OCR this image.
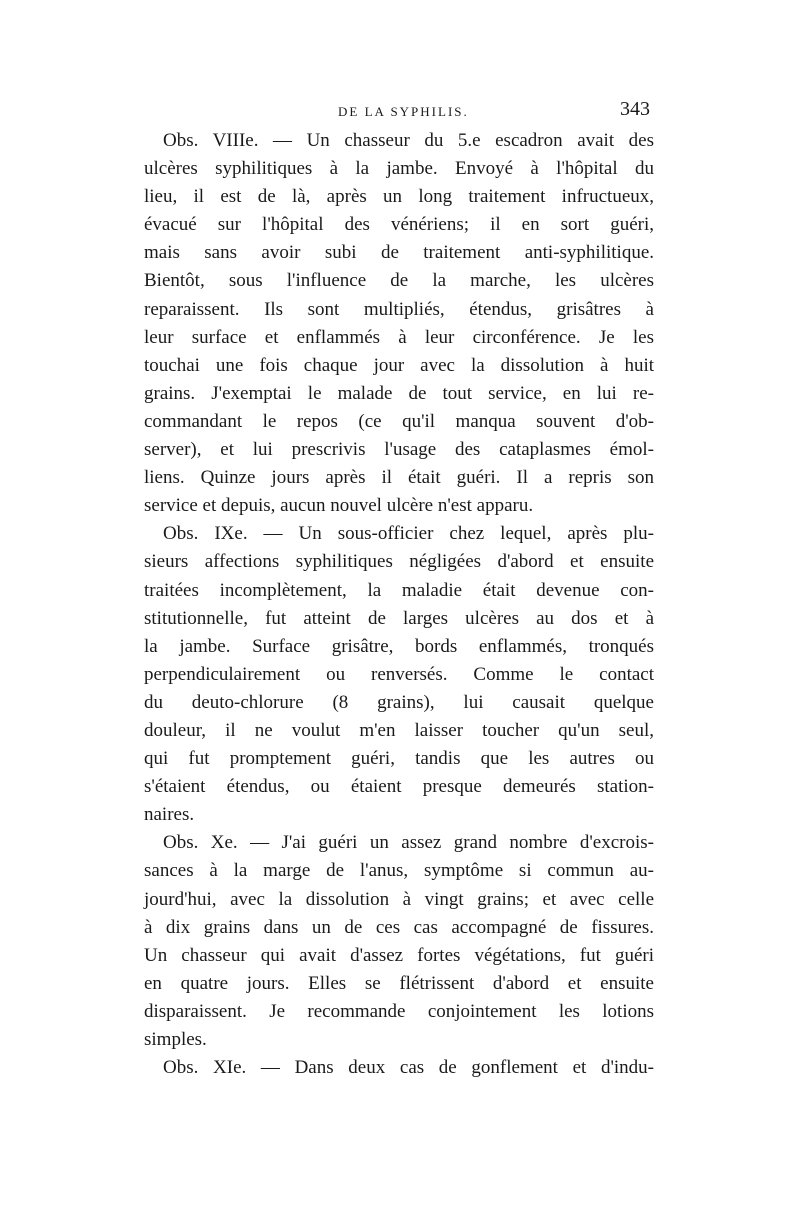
DE LA SYPHILIS.	343
Obs. VIIIe. — Un chasseur du 5.e escadron avait des
ulcères syphilitiques à la jambe. Envoyé à l'hôpital du
lieu, il est de là, après un long traitement infructueux,
évacué sur l'hôpital des vénériens; il en sort guéri,
mais sans avoir subi de traitement anti-syphilitique.
Bientôt, sous l'influence de la marche, les ulcères
reparaissent. Ils sont multipliés, étendus, grisâtres à
leur surface et enflammés à leur circonférence. Je les
touchai une fois chaque jour avec la dissolution à huit
grains. J'exemptai le malade de tout service, en lui re-
commandant le repos (ce qu'il manqua souvent d'ob-
server), et lui prescrivis l'usage des cataplasmes émol-
liens. Quinze jours après il était guéri. Il a repris son
service et depuis, aucun nouvel ulcère n'est apparu.
Obs. IXe. — Un sous-officier chez lequel, après plu-
sieurs affections syphilitiques négligées d'abord et ensuite
traitées incomplètement, la maladie était devenue con-
stitutionnelle, fut atteint de larges ulcères au dos et à
la jambe. Surface grisâtre, bords enflammés, tronqués
perpendiculairement ou renversés. Comme le contact
du deuto-chlorure (8 grains), lui causait quelque
douleur, il ne voulut m'en laisser toucher qu'un seul,
qui fut promptement guéri, tandis que les autres ou
s'étaient étendus, ou étaient presque demeurés station-
naires.
Obs. Xe. — J'ai guéri un assez grand nombre d'excrois-
sances à la marge de l'anus, symptôme si commun au-
jourd'hui, avec la dissolution à vingt grains; et avec celle
à dix grains dans un de ces cas accompagné de fissures.
Un chasseur qui avait d'assez fortes végétations, fut guéri
en quatre jours. Elles se flétrissent d'abord et ensuite
disparaissent. Je recommande conjointement les lotions
simples.
Obs. XIe. — Dans deux cas de gonflement et d'indu-
